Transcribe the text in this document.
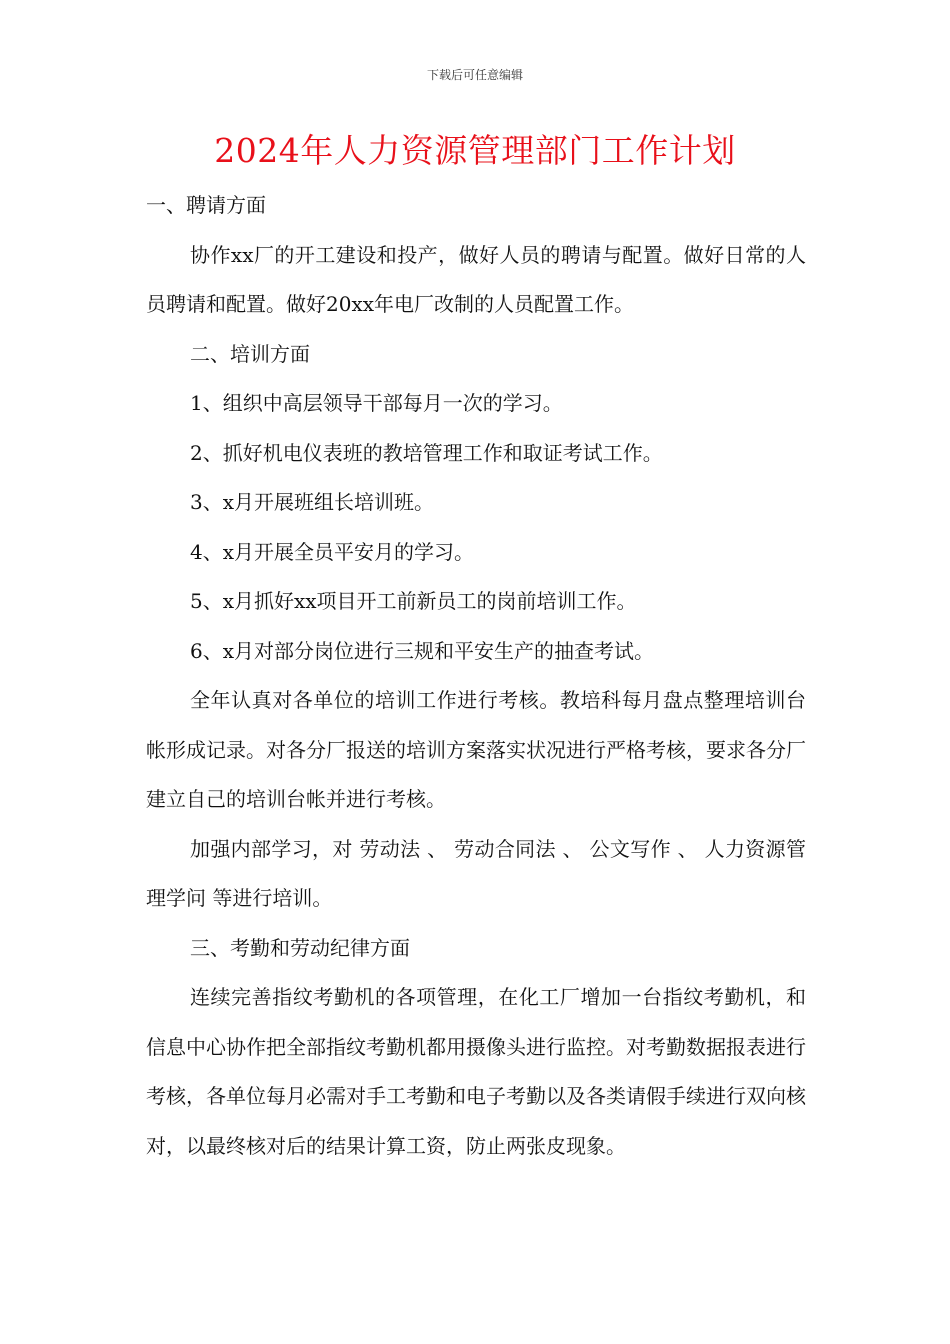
下载后可任意编辑
2024年人力资源管理部门工作计划

一、聘请方面

协作xx厂的开工建设和投产，做好人员的聘请与配置。做好日常的人员聘请和配置。做好20xx年电厂改制的人员配置工作。

二、培训方面

1、组织中高层领导干部每月一次的学习。

2、抓好机电仪表班的教培管理工作和取证考试工作。

3、x月开展班组长培训班。

4、x月开展全员平安月的学习。

5、x月抓好xx项目开工前新员工的岗前培训工作。

6、x月对部分岗位进行三规和平安生产的抽查考试。

全年认真对各单位的培训工作进行考核。教培科每月盘点整理培训台帐形成记录。对各分厂报送的培训方案落实状况进行严格考核，要求各分厂建立自己的培训台帐并进行考核。

加强内部学习，对 劳动法 、 劳动合同法 、 公文写作 、 人力资源管理学问 等进行培训。

三、考勤和劳动纪律方面

连续完善指纹考勤机的各项管理，在化工厂增加一台指纹考勤机，和信息中心协作把全部指纹考勤机都用摄像头进行监控。对考勤数据报表进行考核，各单位每月必需对手工考勤和电子考勤以及各类请假手续进行双向核对，以最终核对后的结果计算工资，防止两张皮现象。
